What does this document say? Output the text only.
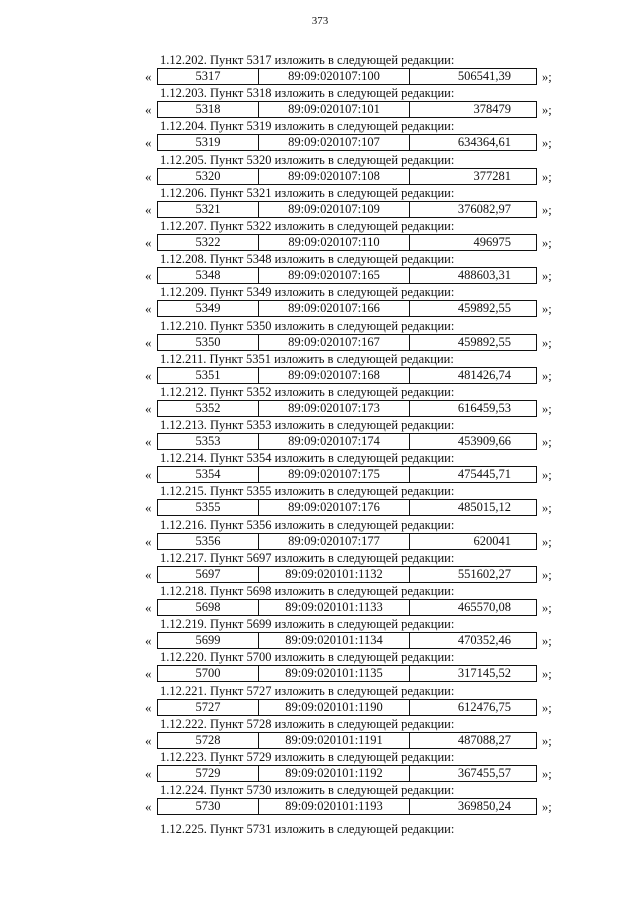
373
1.12.202. Пункт 5317 изложить в следующей редакции:
«	5317	89:09:020107:100	506541,39	»;
1.12.203. Пункт 5318 изложить в следующей редакции:
«	5318	89:09:020107:101	378479	»;
1.12.204. Пункт 5319 изложить в следующей редакции:
«	5319	89:09:020107:107	634364,61	»;
1.12.205. Пункт 5320 изложить в следующей редакции:
«	5320	89:09:020107:108	377281	»;
1.12.206. Пункт 5321 изложить в следующей редакции:
«	5321	89:09:020107:109	376082,97	»;
1.12.207. Пункт 5322 изложить в следующей редакции:
«	5322	89:09:020107:110	496975	»;
1.12.208. Пункт 5348 изложить в следующей редакции:
«	5348	89:09:020107:165	488603,31	»;
1.12.209. Пункт 5349 изложить в следующей редакции:
«	5349	89:09:020107:166	459892,55	»;
1.12.210. Пункт 5350 изложить в следующей редакции:
«	5350	89:09:020107:167	459892,55	»;
1.12.211. Пункт 5351 изложить в следующей редакции:
«	5351	89:09:020107:168	481426,74	»;
1.12.212. Пункт 5352 изложить в следующей редакции:
«	5352	89:09:020107:173	616459,53	»;
1.12.213. Пункт 5353 изложить в следующей редакции:
«	5353	89:09:020107:174	453909,66	»;
1.12.214. Пункт 5354 изложить в следующей редакции:
«	5354	89:09:020107:175	475445,71	»;
1.12.215. Пункт 5355 изложить в следующей редакции:
«	5355	89:09:020107:176	485015,12	»;
1.12.216. Пункт 5356 изложить в следующей редакции:
«	5356	89:09:020107:177	620041	»;
1.12.217. Пункт 5697 изложить в следующей редакции:
«	5697	89:09:020101:1132	551602,27	»;
1.12.218. Пункт 5698 изложить в следующей редакции:
«	5698	89:09:020101:1133	465570,08	»;
1.12.219. Пункт 5699 изложить в следующей редакции:
«	5699	89:09:020101:1134	470352,46	»;
1.12.220. Пункт 5700 изложить в следующей редакции:
«	5700	89:09:020101:1135	317145,52	»;
1.12.221. Пункт 5727 изложить в следующей редакции:
«	5727	89:09:020101:1190	612476,75	»;
1.12.222. Пункт 5728 изложить в следующей редакции:
«	5728	89:09:020101:1191	487088,27	»;
1.12.223. Пункт 5729 изложить в следующей редакции:
«	5729	89:09:020101:1192	367455,57	»;
1.12.224. Пункт 5730 изложить в следующей редакции:
«	5730	89:09:020101:1193	369850,24	»;
1.12.225. Пункт 5731 изложить в следующей редакции:
